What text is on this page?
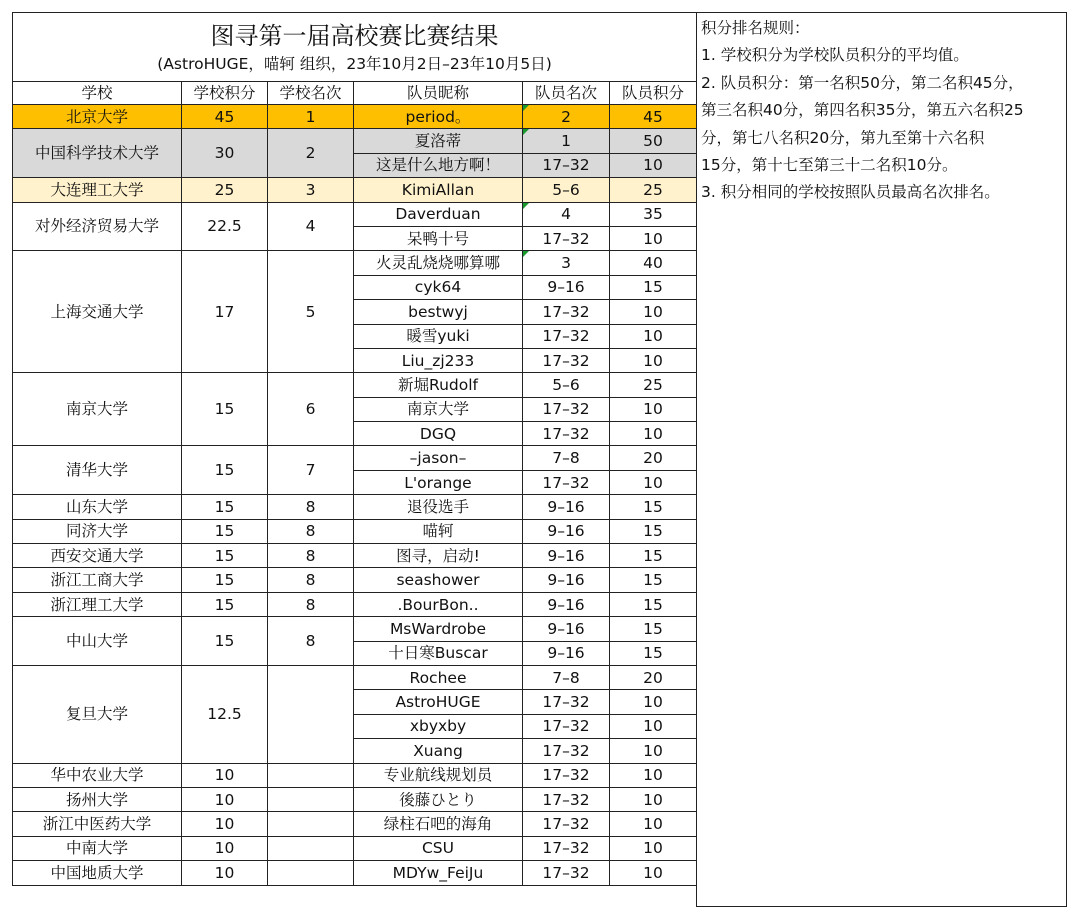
图寻第一届高校赛比赛结果
(AstroHUGE，喵轲 组织，23年10月2日–23年10月5日)					

学校	学校积分	学校名次	队员昵称	队员名次	队员积分
北京大学	45	1	period。	2	45
中国科学技术大学	30	2	夏洛蒂	1	50
			这是什么地方啊！	17–32	10
大连理工大学	25	3	KimiAllan	5–6	25
对外经济贸易大学	22.5	4	Daverduan	4	35
			呆鸭十号	17–32	10
上海交通大学	17	5	火灵乱烧烧哪算哪	3	40
			cyk64	9–16	15
			bestwyj	17–32	10
			暖雪yuki	17–32	10
			Liu_zj233	17–32	10
南京大学	15	6	新堀Rudolf	5–6	25
			南京大学	17–32	10
			DGQ	17–32	10
清华大学	15	7	–jason–	7–8	20
			L'orange	17–32	10
山东大学	15	8	退役选手	9–16	15
同济大学	15	8	喵轲	9–16	15
西安交通大学	15	8	图寻，启动!	9–16	15
浙江工商大学	15	8	seashower	9–16	15
浙江理工大学	15	8	.BourBon..	9–16	15
中山大学	15	8	MsWardrobe	9–16	15
			十日寒Buscar	9–16	15
复旦大学	12.5		Rochee	7–8	20
			AstroHUGE	17–32	10
			xbyxby	17–32	10
			Xuang	17–32	10
华中农业大学	10		专业航线规划员	17–32	10
扬州大学	10		後藤ひとり	17–32	10
浙江中医药大学	10		绿柱石吧的海角	17–32	10
中南大学	10		CSU	17–32	10
中国地质大学	10		MDYw_FeiJu	17–32	10
积分排名规则：
1. 学校积分为学校队员积分的平均值。
2. 队员积分：第一名积50分，第二名积45分，
第三名积40分，第四名积35分，第五六名积25
分，第七八名积20分，第九至第十六名积
15分，第十七至第三十二名积10分。
3. 积分相同的学校按照队员最高名次排名。
